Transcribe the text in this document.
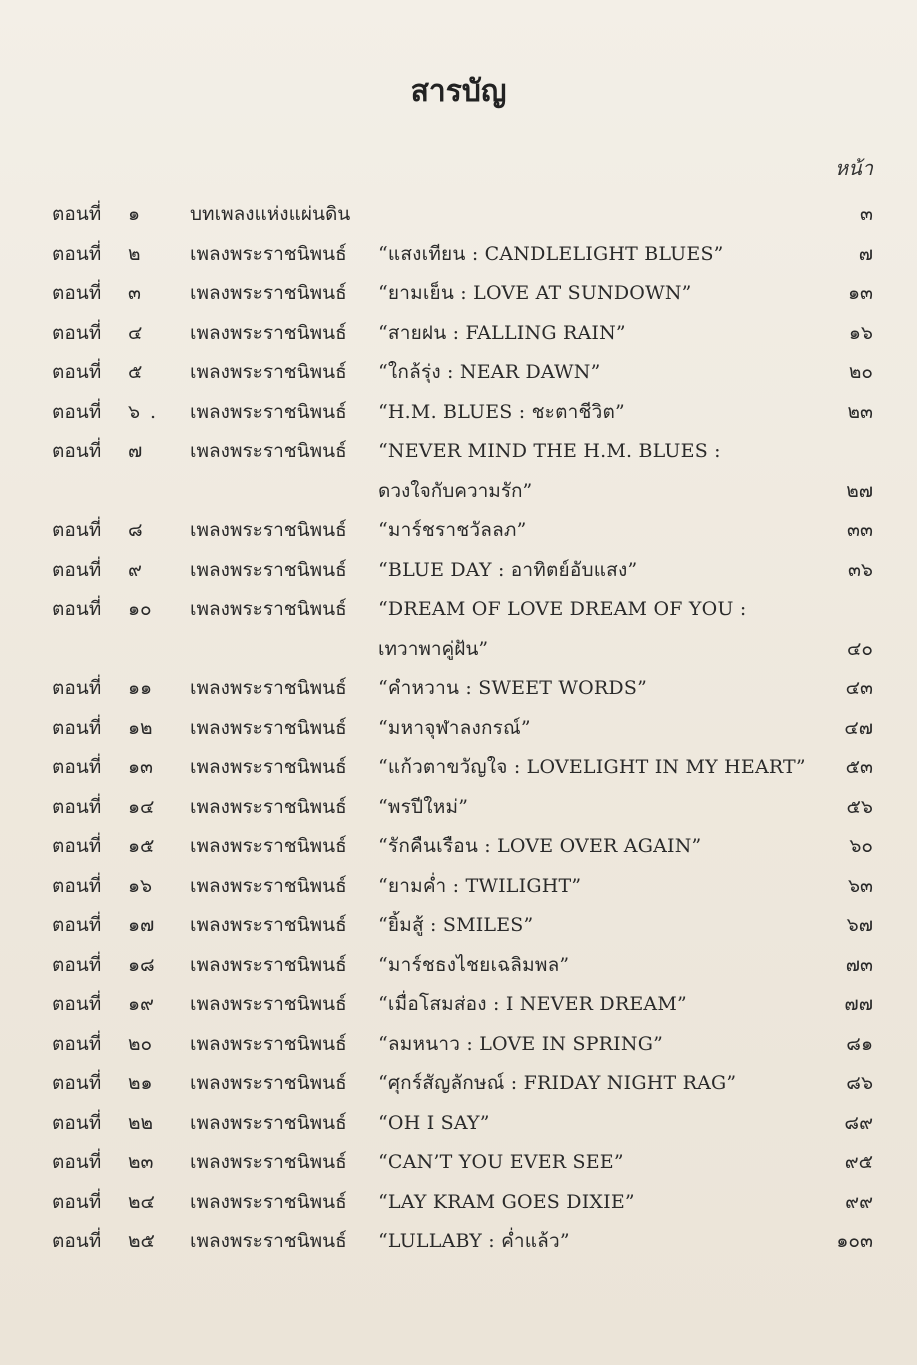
สารบัญ
หน้า
ตอนที่ ๑	บทเพลงแห่งแผ่นดิน	๓
ตอนที่ ๒	เพลงพระราชนิพนธ์ “แสงเทียน : CANDLELIGHT BLUES”	๗
ตอนที่ ๓	เพลงพระราชนิพนธ์ “ยามเย็น : LOVE AT SUNDOWN”	๑๓
ตอนที่ ๔	เพลงพระราชนิพนธ์ “สายฝน : FALLING RAIN”	๑๖
ตอนที่ ๕	เพลงพระราชนิพนธ์ “ใกล้รุ่ง : NEAR DAWN”	๒๐
ตอนที่ ๖	เพลงพระราชนิพนธ์ “H.M. BLUES : ชะตาชีวิต”	๒๓
.
ตอนที่ ๗	เพลงพระราชนิพนธ์ “NEVER MIND THE H.M. BLUES :
ดวงใจกับความรัก”	๒๗
ตอนที่ ๘ เพลงพระราชนิพนธ์ “มาร์ชราชวัลลภ”	๓๓
ตอนที่ ๙	เพลงพระราชนิพนธ์ “BLUE DAY : อาทิตย์อับแสง”	๓๖
ตอนที่ ๑๐ เพลงพระราชนิพนธ์ “DREAM OF LOVE DREAM OF YOU :
เทวาพาคู่ฝัน”	๔๐
ตอนที่ ๑๑ เพลงพระราชนิพนธ์ “คำหวาน : SWEET WORDS”	๔๓
ตอนที่ ๑๒ เพลงพระราชนิพนธ์ “มหาจุฬาลงกรณ์”	๔๗
ตอนที่ ๑๓ เพลงพระราชนิพนธ์ “แก้วตาขวัญใจ : LOVELIGHT IN MY HEART” ๕๓
ตอนที่ ๑๔ เพลงพระราชนิพนธ์ “พรปีใหม่”	๕๖
ตอนที่ ๑๕ เพลงพระราชนิพนธ์ “รักคืนเรือน : LOVE OVER AGAIN”	๖๐
ตอนที่ ๑๖ เพลงพระราชนิพนธ์ “ยามค่ำ : TWILIGHT”	๖๓
ตอนที่ ๑๗ เพลงพระราชนิพนธ์ “ยิ้มสู้ : SMILES”	๖๗
ตอนที่ ๑๘ เพลงพระราชนิพนธ์ “มาร์ชธงไชยเฉลิมพล”	๗๓
ตอนที่ ๑๙ เพลงพระราชนิพนธ์ “เมื่อโสมส่อง : I NEVER DREAM”	๗๗
ตอนที่ ๒๐ เพลงพระราชนิพนธ์ “ลมหนาว : LOVE IN SPRING”	๘๑
ตอนที่ ๒๑ เพลงพระราชนิพนธ์ “ศุกร์สัญลักษณ์ : FRIDAY NIGHT RAG”	๘๖
ตอนที่ ๒๒ เพลงพระราชนิพนธ์ “OH I SAY”	๘๙
ตอนที่ ๒๓ เพลงพระราชนิพนธ์ “CAN’T YOU EVER SEE”	๙๕
ตอนที่ ๒๔ เพลงพระราชนิพนธ์ “LAY KRAM GOES DIXIE”	๙๙
ตอนที่ ๒๕ เพลงพระราชนิพนธ์ “LULLABY : ค่ำแล้ว”	๑๐๓
